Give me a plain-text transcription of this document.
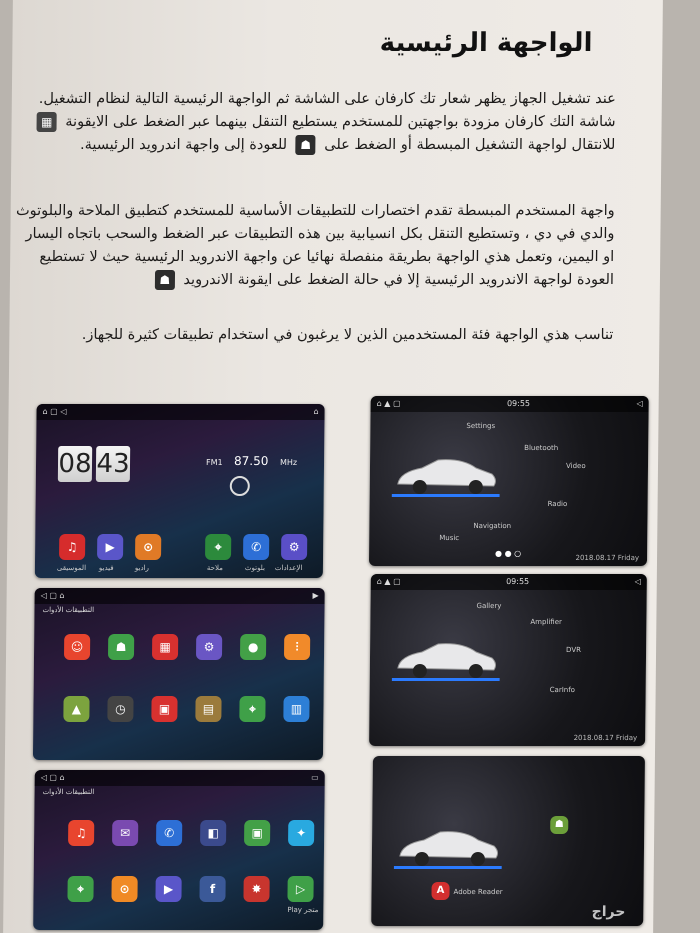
الواجهة الرئيسية
عند تشغيل الجهاز يظهر شعار تك كارفان على الشاشة ثم الواجهة الرئيسية التالية لنظام التشغيل.
شاشة التك كارفان مزودة بواجهتين للمستخدم يستطيع التنقل بينهما عبر الضغط على الايقونة ▦
للانتقال لواجهة التشغيل المبسطة أو الضغط على ☗ للعودة إلى واجهة اندرويد الرئيسية.
واجهة المستخدم المبسطة تقدم اختصارات للتطبيقات الأساسية للمستخدم كتطبيق الملاحة والبلوتوث والدي في دي ، وتستطيع التنقل بكل انسيابية بين هذه التطبيقات عبر الضغط والسحب باتجاه اليسار او اليمين، وتعمل هذي الواجهة بطريقة منفصلة نهائيا عن واجهة الاندرويد الرئيسية حيث لا تستطيع العودة لواجهة الاندرويد الرئيسية إلا في حالة الضغط على ايقونة الاندرويد ☗
تناسب هذي الواجهة فئة المستخدمين الذين لا يرغبون في استخدام تطبيقات كثيرة للجهاز.
⌂ ▢ ◁	⌂
08 43	FM1 87.50 MHz
♫	▶	⊙	⌖	✆	⚙
الموسيقى فيديو	راديو	ملاحة	بلوتوث الإعدادات
◁ ▢ ⌂	▶
التطبيقات الأدوات
☺	☗	▦	⚙	●	⫶
▲	◷	▣	▤	⌖	▥
◁ ▢ ⌂	▭
التطبيقات الأدوات
♫	✉	✆	◧	▣	✦
⌖	⊙	▶	f	✸	▷
Play متجر
⌂ ▲ ▢	09:55	◁
Settings
Bluetooth
Video
Radio
Navigation
Music
● ● ○	2018.08.17 Friday
⌂ ▲ ▢	09:55	◁
Gallery
Amplifier
DVR
CarInfo
2018.08.17 Friday
☗
A	Adobe Reader
حراج
